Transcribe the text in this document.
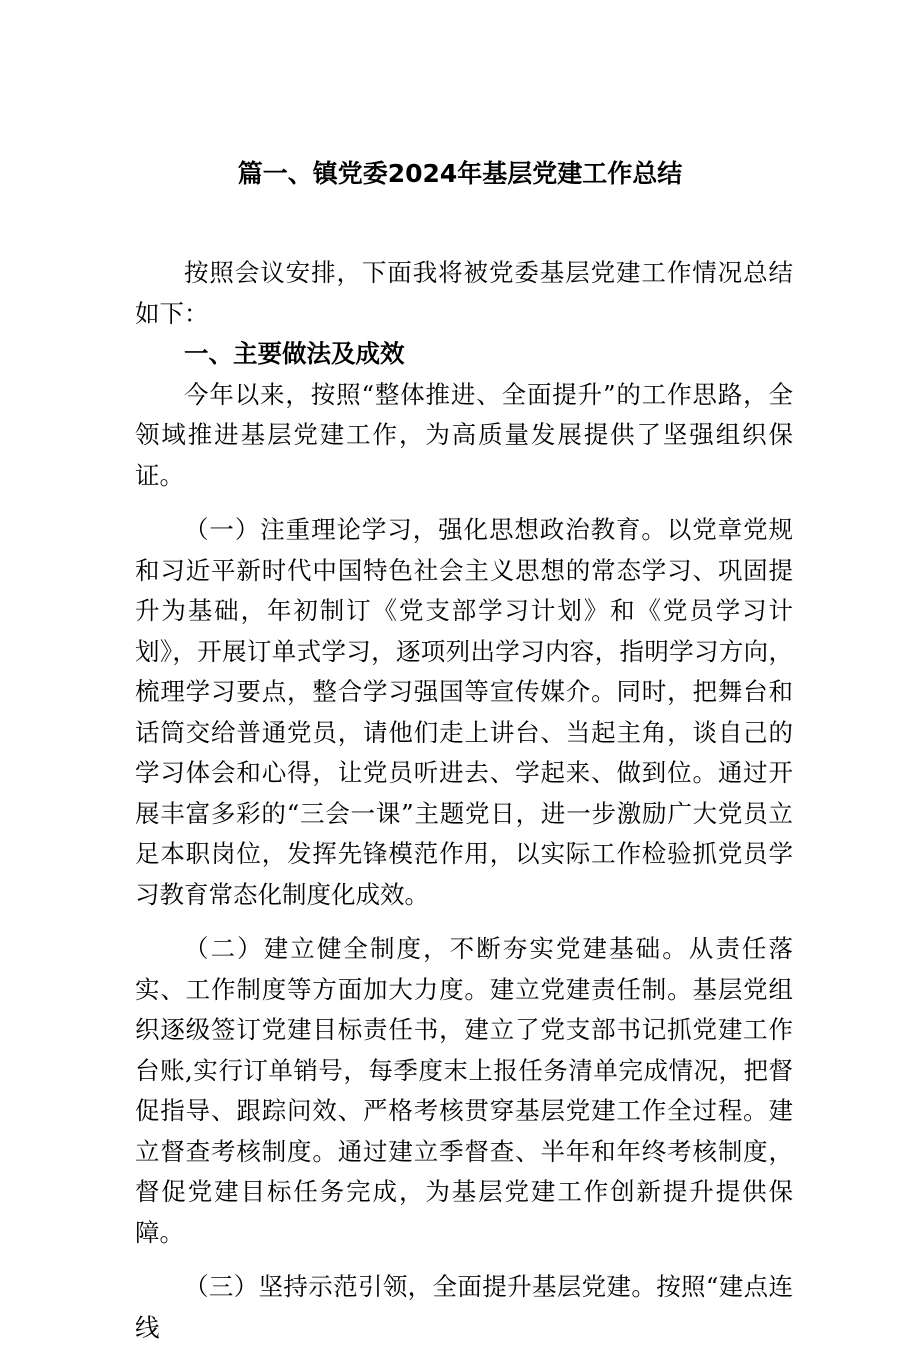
篇一、镇党委2024年基层党建工作总结

按照会议安排，下面我将被党委基层党建工作情况总结如下：

一、主要做法及成效

今年以来，按照“整体推进、全面提升”的工作思路，全领域推进基层党建工作，为高质量发展提供了坚强组织保证。

（一）注重理论学习，强化思想政治教育。以党章党规和习近平新时代中国特色社会主义思想的常态学习、巩固提升为基础，年初制订《党支部学习计划》和《党员学习计划》，开展订单式学习，逐项列出学习内容，指明学习方向，梳理学习要点，整合学习强国等宣传媒介。同时，把舞台和话筒交给普通党员，请他们走上讲台、当起主角，谈自己的学习体会和心得，让党员听进去、学起来、做到位。通过开展丰富多彩的“三会一课”主题党日，进一步激励广大党员立足本职岗位，发挥先锋模范作用，以实际工作检验抓党员学习教育常态化制度化成效。

（二）建立健全制度，不断夯实党建基础。从责任落实、工作制度等方面加大力度。建立党建责任制。基层党组织逐级签订党建目标责任书，建立了党支部书记抓党建工作台账,实行订单销号，每季度末上报任务清单完成情况，把督促指导、跟踪问效、严格考核贯穿基层党建工作全过程。建立督查考核制度。通过建立季督查、半年和年终考核制度，督促党建目标任务完成，为基层党建工作创新提升提供保障。

（三）坚持示范引领，全面提升基层党建。按照“建点连线
